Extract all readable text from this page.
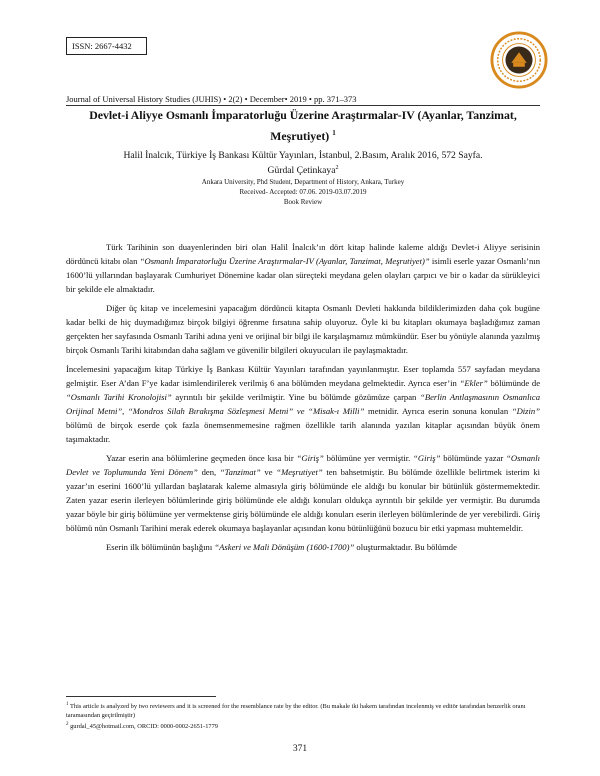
ISSN: 2667-4432
Journal of Universal History Studies (JUHIS) • 2(2) • December• 2019 • pp. 371–373
Devlet-i Aliyye Osmanlı İmparatorluğu Üzerine Araştırmalar-IV (Ayanlar, Tanzimat,
Meşrutiyet) $^1$
Halil İnalcık, Türkiye İş Bankası Kültür Yayınları, İstanbul, 2.Basım, Aralık 2016, 572 Sayfa.
Gürdal Çetinkaya$^2$
Ankara University, Phd Student, Department of History, Ankara, Turkey
Received- Accepted: 07.06. 2019-03.07.2019
Book Review

Türk Tarihinin son duayenlerinden biri olan Halil İnalcık’ın dört kitap halinde kaleme aldığı Devlet-i Aliyye serisinin dördüncü kitabı olan “Osmanlı İmparatorluğu Üzerine Araştırmalar-IV (Ayanlar, Tanzimat, Meşrutiyet)” isimli eserle yazar Osmanlı’nın 1600’lü yıllarından başlayarak Cumhuriyet Dönemine kadar olan süreçteki meydana gelen olayları çarpıcı ve bir o kadar da sürükleyici bir şekilde ele almaktadır.

Diğer üç kitap ve incelemesini yapacağım dördüncü kitapta Osmanlı Devleti hakkında bildiklerimizden daha çok bugüne kadar belki de hiç duymadığımız birçok bilgiyi öğrenme fırsatına sahip oluyoruz. Öyle ki bu kitapları okumaya başladığımız zaman gerçekten her sayfasında Osmanlı Tarihi adına yeni ve orijinal bir bilgi ile karşılaşmamız mümkündür. Eser bu yönüyle alanında yazılmış birçok Osmanlı Tarihi kitabından daha sağlam ve güvenilir bilgileri okuyucuları ile paylaşmaktadır.

İncelemesini yapacağım kitap Türkiye İş Bankası Kültür Yayınları tarafından yayınlanmıştır. Eser toplamda 557 sayfadan meydana gelmiştir. Eser A’dan F’ye kadar isimlendirilerek verilmiş 6 ana bölümden meydana gelmektedir. Ayrıca eser’in “Ekler” bölümünde de “Osmanlı Tarihi Kronolojisi” ayrıntılı bir şekilde verilmiştir. Yine bu bölümde gözümüze çarpan “Berlin Antlaşmasının Osmanlıca Orijinal Metni”, “Mondros Silah Bırakışma Sözleşmesi Metni” ve “Misak-ı Milli” metnidir. Ayrıca eserin sonuna konulan “Dizin” bölümü de birçok eserde çok fazla önemsenmemesine rağmen özellikle tarih alanında yazılan kitaplar açısından büyük önem taşımaktadır.

Yazar eserin ana bölümlerine geçmeden önce kısa bir “Giriş” bölümüne yer vermiştir. “Giriş” bölümünde yazar “Osmanlı Devlet ve Toplumunda Yeni Dönem” den, “Tanzimat” ve “Meşrutiyet” ten bahsetmiştir. Bu bölümde özellikle belirtmek isterim ki yazar’ın eserini 1600’lü yıllardan başlatarak kaleme almasıyla giriş bölümünde ele aldığı bu konular bir bütünlük göstermemektedir. Zaten yazar eserin ilerleyen bölümlerinde giriş bölümünde ele aldığı konuları oldukça ayrıntılı bir şekilde yer vermiştir. Bu durumda yazar böyle bir giriş bölümüne yer vermektense giriş bölümünde ele aldığı konuları eserin ilerleyen bölümlerinde de yer verebilirdi. Giriş bölümü nün Osmanlı Tarihini merak ederek okumaya başlayanlar açısından konu bütünlüğünü bozucu bir etki yapması muhtemeldir.

Eserin ilk bölümünün başlığını “Askeri ve Mali Dönüşüm (1600-1700)” oluşturmaktadır. Bu bölümde

$^1$ This article is analyzed by two reviewers and it is screened for the resemblance rate by the editor. (Bu makale iki hakem tarafından incelenmiş ve editör tarafından benzerlik oranı taramasından geçirilmiştir)
$^2$ gurdal_45@hotmail.com, ORCID: 0000-0002-2651-1779
371
